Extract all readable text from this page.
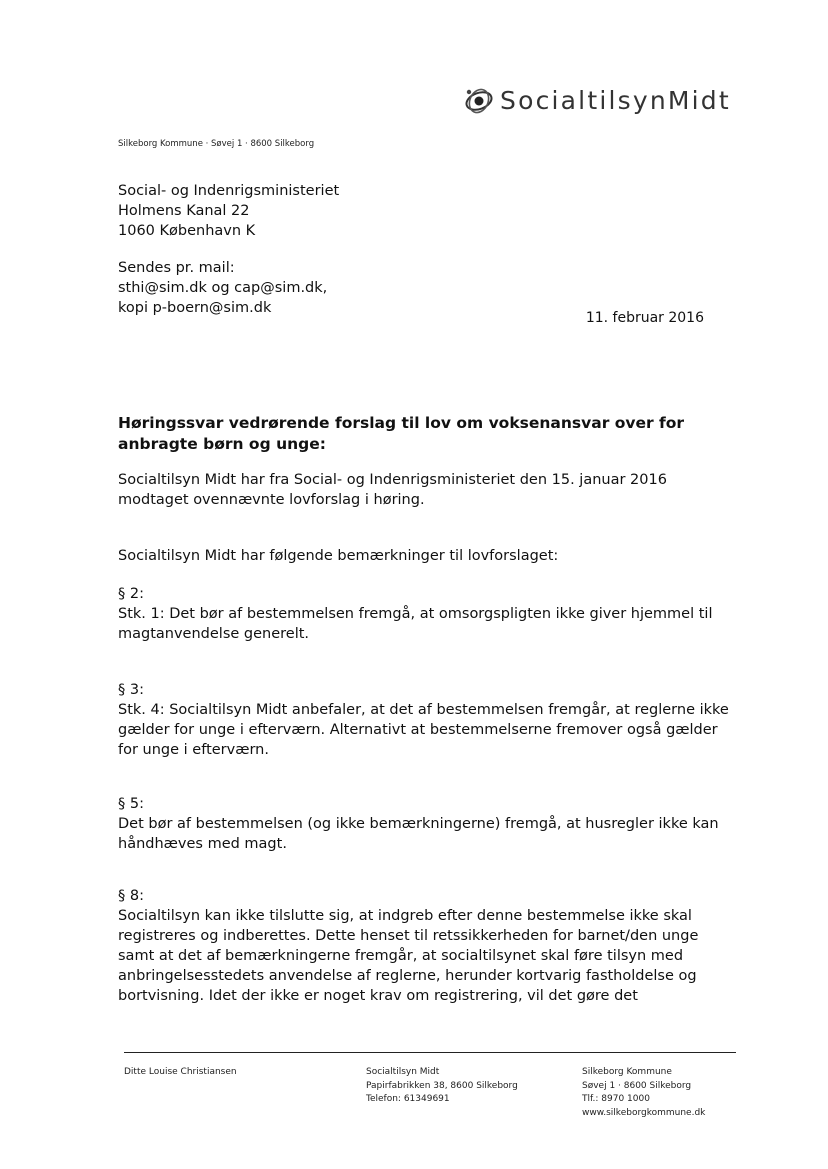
SocialtilsynMidt
Silkeborg Kommune · Søvej 1 · 8600 Silkeborg
Social- og Indenrigsministeriet
Holmens Kanal 22
1060 København K
Sendes pr. mail:
sthi@sim.dk og cap@sim.dk,
kopi p-boern@sim.dk
11. februar 2016
Høringssvar vedrørende forslag til lov om voksenansvar over for anbragte børn og unge:
Socialtilsyn Midt har fra Social- og Indenrigsministeriet den 15. januar 2016 modtaget ovennævnte lovforslag i høring.
Socialtilsyn Midt har følgende bemærkninger til lovforslaget:
§ 2:
Stk. 1: Det bør af bestemmelsen fremgå, at omsorgspligten ikke giver hjemmel til magtanvendelse generelt.
§ 3:
Stk. 4: Socialtilsyn Midt anbefaler, at det af bestemmelsen fremgår, at reglerne ikke gælder for unge i efterværn. Alternativt at bestemmelserne fremover også gælder for unge i efterværn.
§ 5:
Det bør af bestemmelsen (og ikke bemærkningerne) fremgå, at husregler ikke kan håndhæves med magt.
§ 8:
Socialtilsyn kan ikke tilslutte sig, at indgreb efter denne bestemmelse ikke skal registreres og indberettes. Dette henset til retssikkerheden for barnet/den unge samt at det af bemærkningerne fremgår, at socialtilsynet skal føre tilsyn med anbringelsesstedets anvendelse af reglerne, herunder kortvarig fastholdelse og bortvisning. Idet der ikke er noget krav om registrering, vil det gøre det
Ditte Louise Christiansen	Socialtilsyn Midt
Papirfabrikken 38, 8600 Silkeborg
Telefon: 61349691
Silkeborg Kommune
Søvej 1 · 8600 Silkeborg
Tlf.: 8970 1000
www.silkeborgkommune.dk
